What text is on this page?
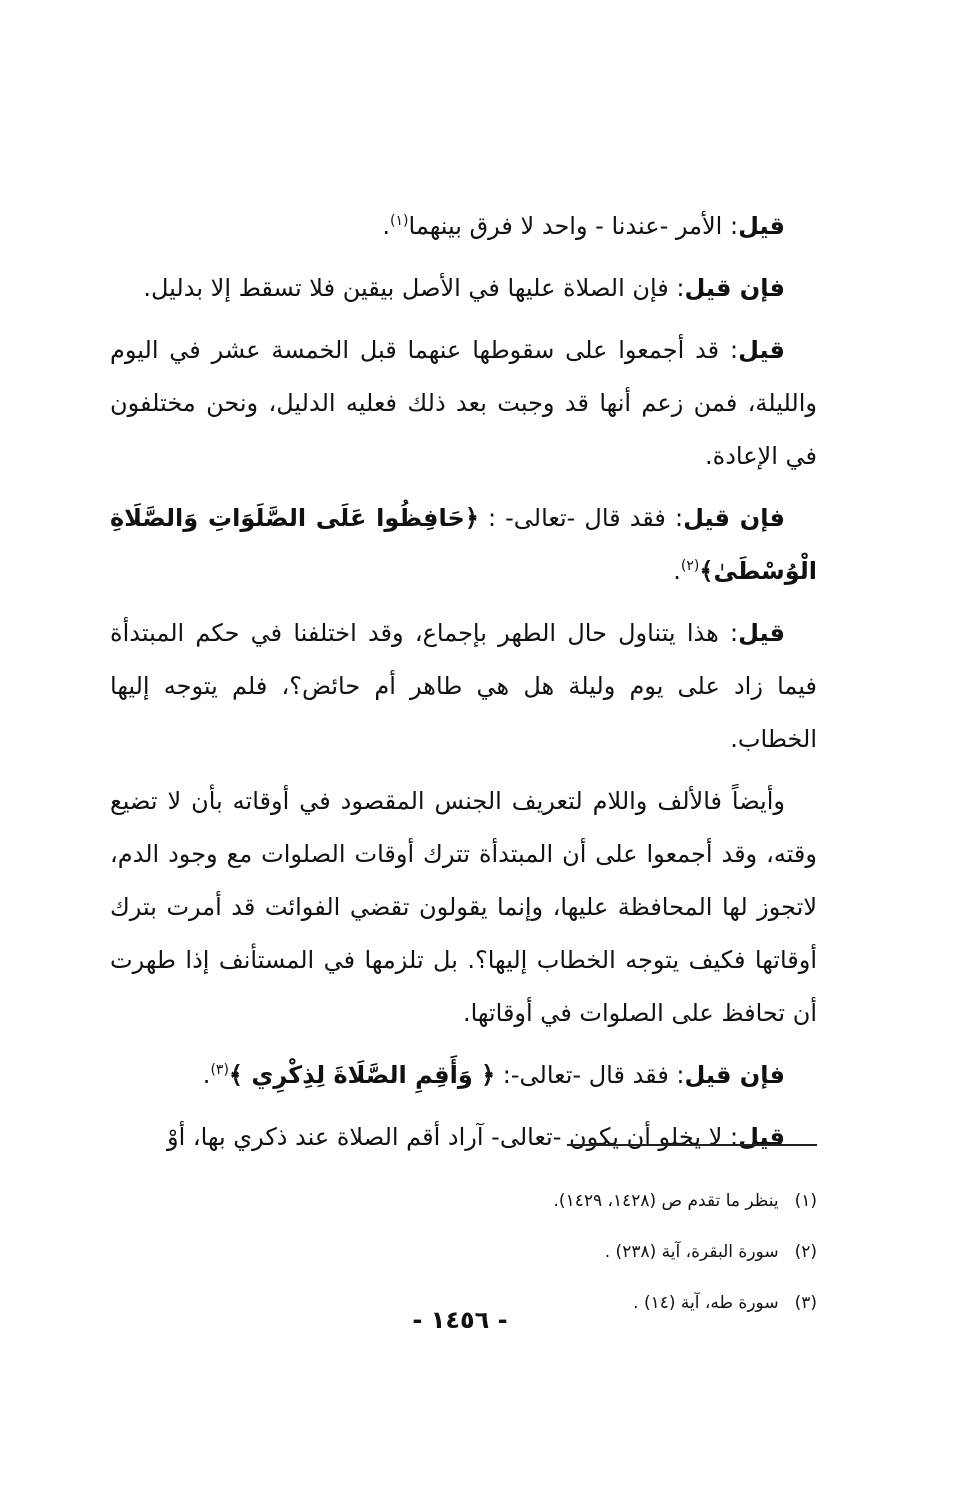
قيل: الأمر -عندنا - واحد لا فرق بينهما$^{(١)}$.

فإن قيل: فإن الصلاة عليها في الأصل بيقين فلا تسقط إلا بدليل.

قيل: قد أجمعوا على سقوطها عنهما قبل الخمسة عشر في اليوم والليلة، فمن زعم أنها قد وجبت بعد ذلك فعليه الدليل، ونحن مختلفون في الإعادة.

فإن قيل: فقد قال -تعالى- : ﴿حَافِظُوا عَلَى الصَّلَوَاتِ وَالصَّلَاةِ الْوُسْطَىٰ﴾$^{(٢)}$.

قيل: هذا يتناول حال الطهر بإجماع، وقد اختلفنا في حكم المبتدأة فيما زاد على يوم وليلة هل هي طاهر أم حائض؟، فلم يتوجه إليها الخطاب.

وأيضاً فالألف واللام لتعريف الجنس المقصود في أوقاته بأن لا تضيع وقته، وقد أجمعوا على أن المبتدأة تترك أوقات الصلوات مع وجود الدم، لاتجوز لها المحافظة عليها، وإنما يقولون تقضي الفوائت قد أمرت بترك أوقاتها فكيف يتوجه الخطاب إليها؟. بل تلزمها في المستأنف إذا طهرت أن تحافظ على الصلوات في أوقاتها.

فإن قيل: فقد قال -تعالى-: ﴿ وَأَقِمِ الصَّلَاةَ لِذِكْرِي ﴾$^{(٣)}$.

قيل: لا يخلو أن يكون -تعالى- آراد أقم الصلاة عند ذكري بها، أوْ

(١)ينظر ما تقدم ص (١٤٢٨، ١٤٢٩).
(٢)سورة البقرة، آية (٢٣٨) .
(٣)سورة طه، آية (١٤) .
- ١٤٥٦ -
